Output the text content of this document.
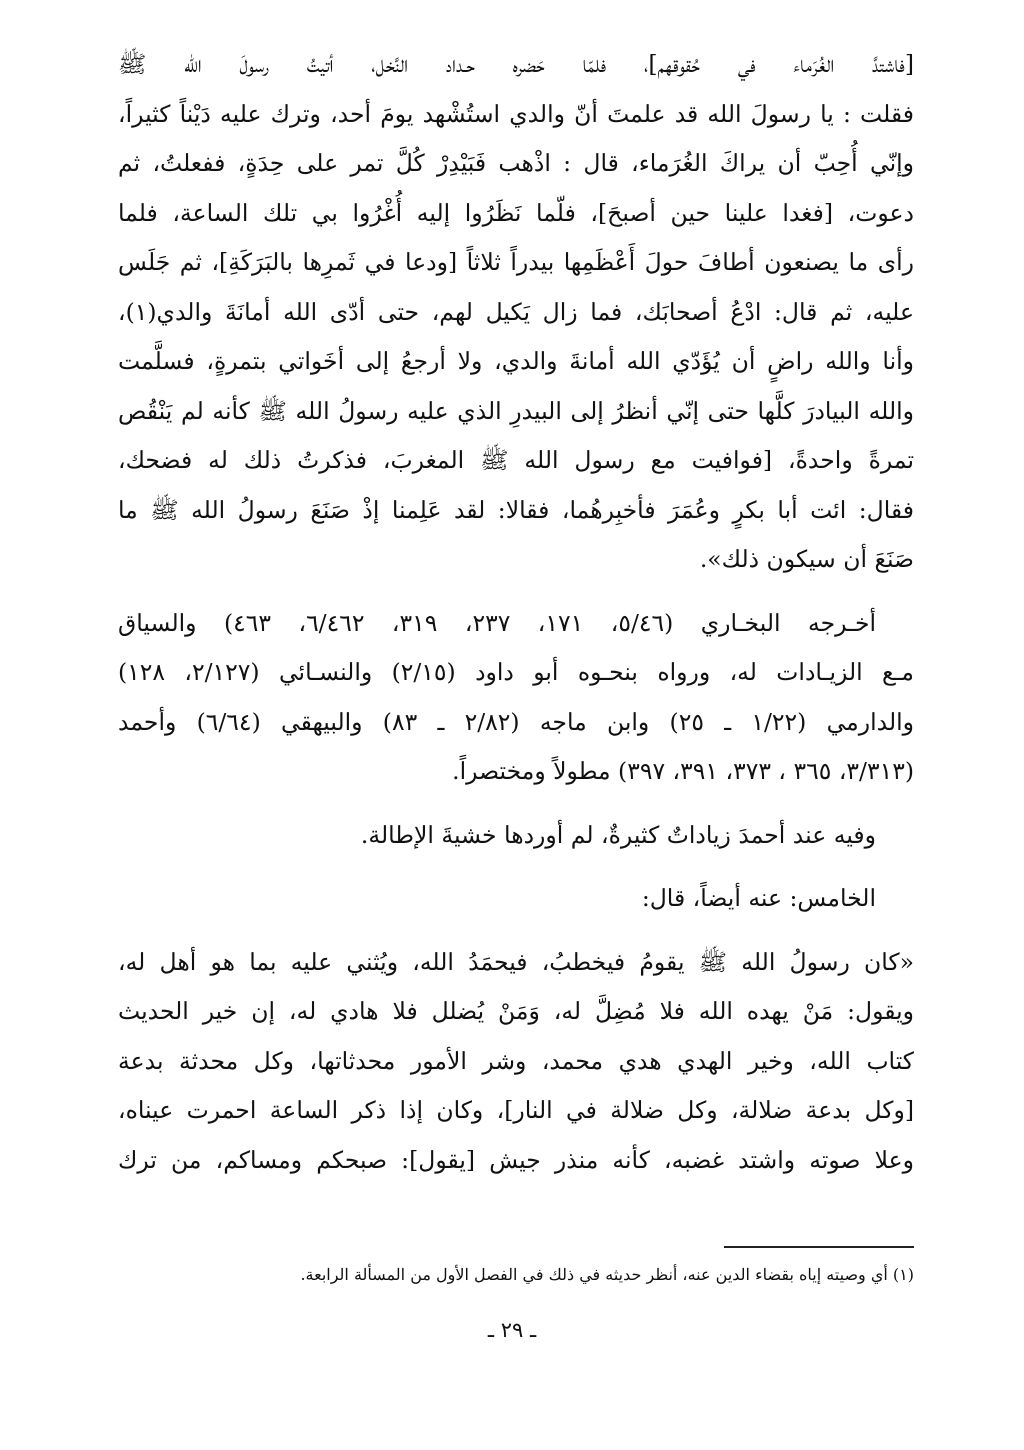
[فاشتدَّ الغُرَماء في حُقوقهم]، فلمّا حَضره حـداد النَّخل، أتيتُ رسولَ الله ﷺ
فقلت : يا رسولَ الله قد علمتَ أنّ والدي استُشْهد يومَ أحد، وترك عليه دَيْناً كثيراً،
وإنّي أُحِبّ أن يراكَ الغُرَماء، قال : اذْهب فَبَيْدِرْ كُلَّ تمر على حِدَةٍ، ففعلتُ، ثم
دعوت، [فغدا علينا حين أصبحَ]، فلّما نَظَرُوا إليه أُغْرُوا بي تلك الساعة، فلما
رأى ما يصنعون أطافَ حولَ أَعْظَمِها بيدراً ثلاثاً [ودعا في ثَمرِها بالبَرَكَةِ]، ثم جَلَس
عليه، ثم قال: ادْعُ أصحابَك، فما زال يَكيل لهم، حتى أدّى الله أمانَةَ والدي(١)،
وأنا والله راضٍ أن يُؤَدّي الله أمانةَ والدي، ولا أرجعُ إلى أخَواتي بتمرةٍ، فسلَّمت
والله البيادرَ كلَّها حتى إنّي أنظرُ إلى البيدرِ الذي عليه رسولُ الله ﷺ كأنه لم يَنْقُص
تمرةً واحدةً، [فوافيت مع رسول الله ﷺ المغربَ، فذكرتُ ذلك له فضحك،
فقال: ائت أبا بكرٍ وعُمَرَ فأخبِرهُما، فقالا: لقد عَلِمنا إذْ صَنَعَ رسولُ الله ﷺ ما
صَنَعَ أن سيكون ذلك».
أخـرجه البخـاري (٥/٤٦، ١٧١، ٢٣٧، ٣١٩، ٦/٤٦٢، ٤٦٣) والسياق
مـع الزيـادات له، ورواه بنحـوه أبو داود (٢/١٥) والنسـائي (٢/١٢٧، ١٢٨)
والدارمي (١/٢٢ ـ ٢٥) وابن ماجه (٢/٨٢ ـ ٨٣) والبيهقي (٦/٦٤) وأحمد
(٣/٣١٣، ٣٦٥ ، ٣٧٣، ٣٩١، ٣٩٧) مطولاً ومختصراً.
وفيه عند أحمدَ زياداتٌ كثيرةٌ، لم أوردها خشيةَ الإطالة.
الخامس: عنه أيضاً، قال:
«كان رسولُ الله ﷺ يقومُ فيخطبُ، فيحمَدُ الله، ويُثني عليه بما هو أهل له،
ويقول: مَنْ يهده الله فلا مُضِلَّ له، وَمَنْ يُضلل فلا هادي له، إن خير الحديث
كتاب الله، وخير الهدي هدي محمد، وشر الأمور محدثاتها، وكل محدثة بدعة
[وكل بدعة ضلالة، وكل ضلالة في النار]، وكان إذا ذكر الساعة احمرت عيناه،
وعلا صوته واشتد غضبه، كأنه منذر جيش [يقول]: صبحكم ومساكم، من ترك
(١) أي وصيته إياه بقضاء الدين عنه، أنظر حديثه في ذلك في الفصل الأول من المسألة الرابعة.
ـ ٢٩ ـ
